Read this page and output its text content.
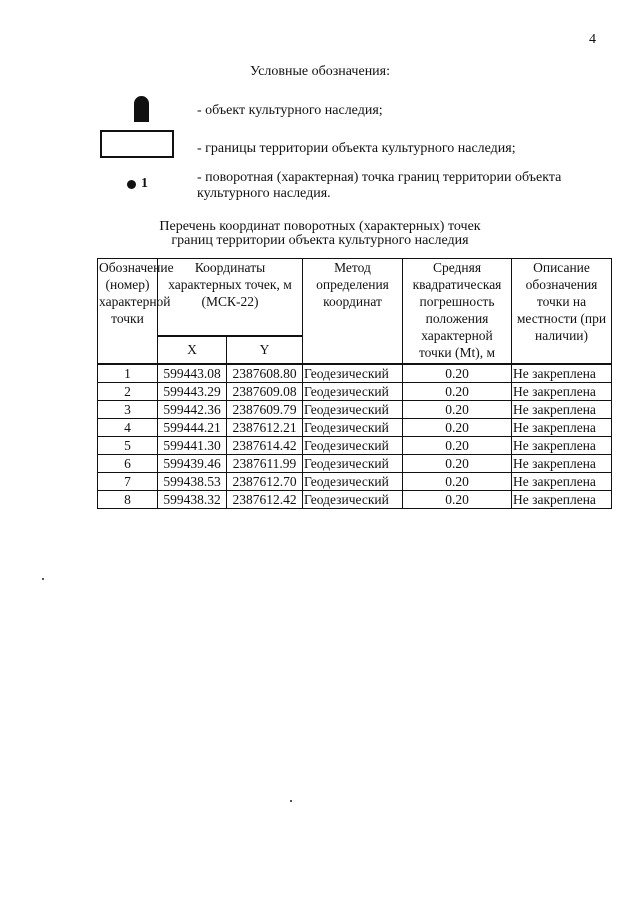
4
Условные обозначения:
- объект культурного наследия;
- границы территории объекта культурного наследия;
1	- поворотная (характерная) точка границ территории объекта культурного наследия.
Перечень координат поворотных (характерных) точек
границ территории объекта культурного наследия
Обозначение (номер) характерной точки	Координаты характерных точек, м (МСК-22)		Метод определения координат	Средняя квадратическая погрешность положения характерной точки (Mt), м	Описание обозначения точки на местности (при наличии)
	X	Y			
1	599443.08	2387608.80	Геодезический	0.20	Не закреплена
2	599443.29	2387609.08	Геодезический	0.20	Не закреплена
3	599442.36	2387609.79	Геодезический	0.20	Не закреплена
4	599444.21	2387612.21	Геодезический	0.20	Не закреплена
5	599441.30	2387614.42	Геодезический	0.20	Не закреплена
6	599439.46	2387611.99	Геодезический	0.20	Не закреплена
7	599438.53	2387612.70	Геодезический	0.20	Не закреплена
8	599438.32	2387612.42	Геодезический	0.20	Не закреплена
